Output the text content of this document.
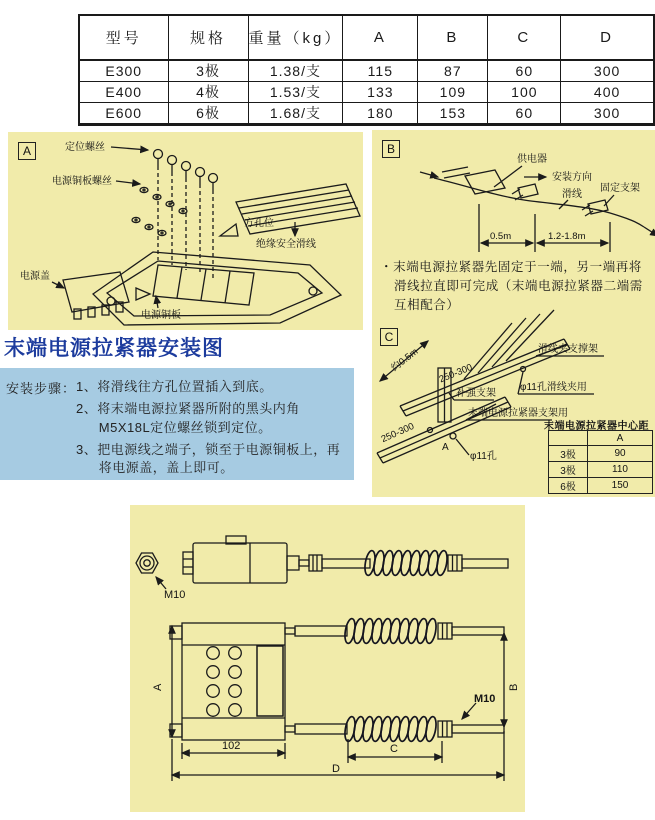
型号	规格	重量（kg）	A	B	C	D
E300	3极	1.38/支	115	87	60	300
E400	4极	1.53/支	133	109	100	400
E600	6极	1.68/支	180	153	60	300
A	定位螺丝
电源铜板螺丝
方孔位
绝缘安全滑线
电源盖
电源铜板
末端电源拉紧器安装图
安装步骤： 1、将滑线往方孔位置插入到底。

2、将末端电源拉紧器所附的黑头内角M5X18L定位螺丝锁到定位。

3、把电源线之端子，锁至于电源铜板上，再将电源盖，盖上即可。

B
供电器
安装方向
滑线
固定支架
0.5m	1.2-1.8m

・末端电源拉紧器先固定于一端，另一端再将滑线拉直即可完成（末端电源拉紧器二端需互相配合）

C
约0.5m	滑线夹支撑架
250-300
φ11孔滑线夹用
补强支架
末端电源拉紧器支架用
250-300
A
φ11孔
末端电源拉紧器中心距
	A
3极	90
3极	110
6极	150
M10
A	B
M10
102	C
D
